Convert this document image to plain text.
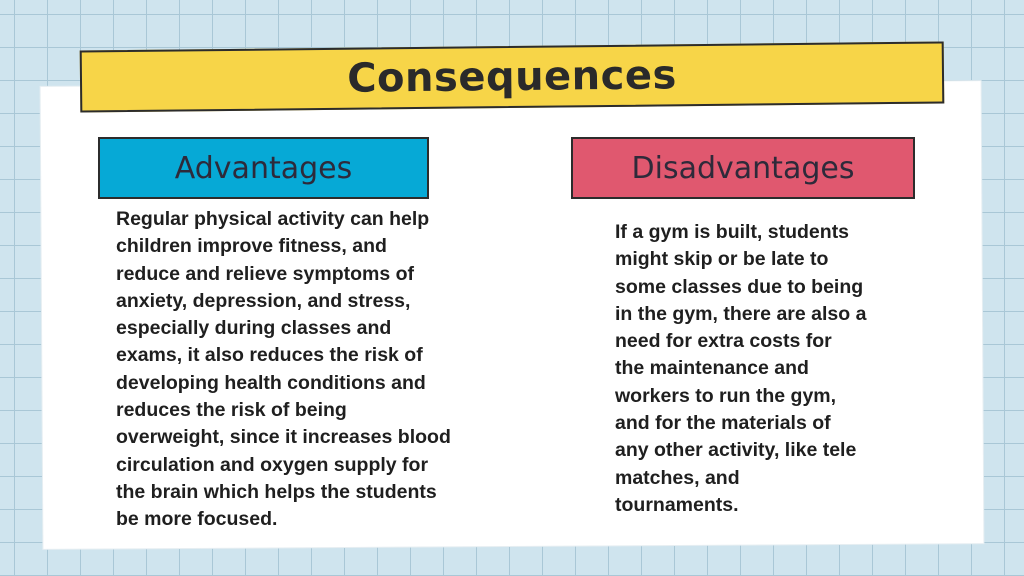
Consequences
Advantages	Disadvantages

Regular physical activity can help
children improve fitness, and
reduce and relieve symptoms of
anxiety, depression, and stress,
especially during classes and
exams, it also reduces the risk of
developing health conditions and
reduces the risk of being
overweight, since it increases blood
circulation and oxygen supply for
the brain which helps the students
be more focused.

If a gym is built, students
might skip or be late to
some classes due to being
in the gym, there are also a
need for extra costs for
the maintenance and
workers to run the gym,
and for the materials of
any other activity, like tele
matches, and
tournaments.
